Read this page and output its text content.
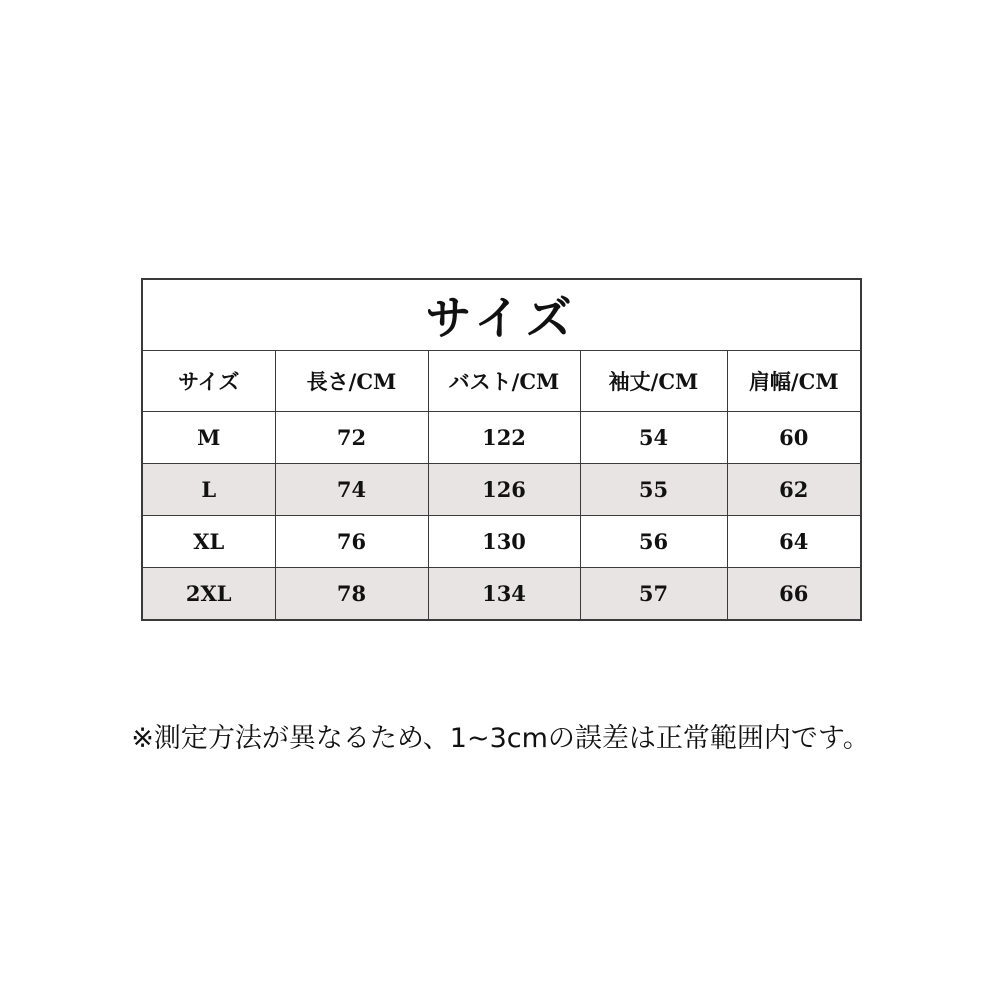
サイズ				
サイズ	長さ/CM	バスト/CM	袖丈/CM	肩幅/CM
M	72	122	54	60
L	74	126	55	62
XL	76	130	56	64
2XL	78	134	57	66
※測定方法が異なるため、1~3cmの誤差は正常範囲内です。
